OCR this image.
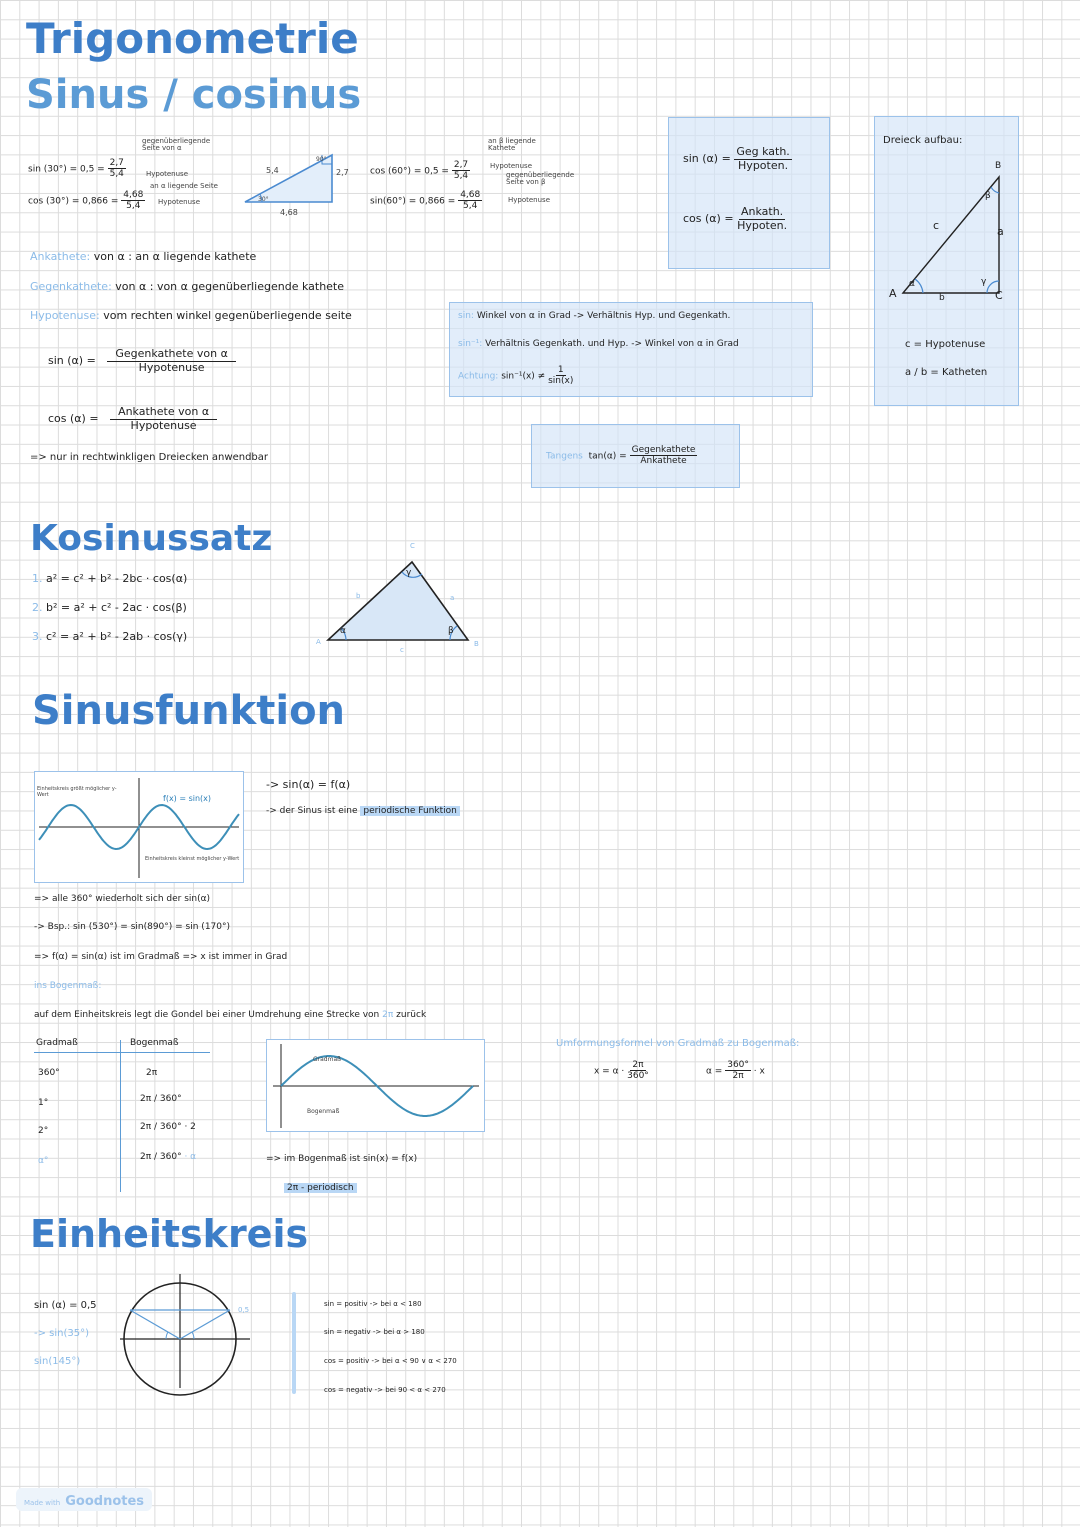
Trigonometrie
Sinus / cosinus
$\sin (30^\circ) = 0,5 = \frac{2,7}{5,4}$
gegenüberliegende Seite von α
Hypotenuse
$\cos (30^\circ) = 0,866 = \frac{4,68}{5,4}$
an α liegende Seite
Hypotenuse
5,4	2,7
4,68
30°
90°
$\cos (60^\circ) = 0,5 = \frac{2,7}{5,4}$
an β liegende Kathete
Hypotenuse
$\sin(60^\circ) = 0,866 = \frac{4,68}{5,4}$
gegenüberliegende Seite von β
Hypotenuse
$\sin (\alpha) = \frac{\text{Geg kath.}}{\text{Hypoten.}}$
$\cos (\alpha) = \frac{\text{Ankath.}}{\text{Hypoten.}}$
Dreieck aufbau:
A
B
C
c	a
b
α
β
γ
c = Hypotenuse
a / b = Katheten
Ankathete: von α : an α liegende kathete
Gegenkathete: von α : von α gegenüberliegende kathete
Hypotenuse: vom rechten winkel gegenüberliegende seite
$\sin (\alpha) = \frac{\text{Gegenkathete von α}}{\text{Hypotenuse}}$
$\cos (\alpha) = \frac{\text{Ankathete von α}}{\text{Hypotenuse}}$
=> nur in rechtwinkligen Dreiecken anwendbar
sin: Winkel von α in Grad -> Verhältnis Hyp. und Gegenkath.
sin⁻¹: Verhältnis Gegenkath. und Hyp. -> Winkel von α in Grad
Achtung: $\sin^{-1}(x) \ne \frac{1}{\sin(x)}$
Tangens $\tan(\alpha) = \frac{\text{Gegenkathete}}{\text{Ankathete}}$
Kosinussatz
1. a² = c² + b² - 2bc · cos(α)
2. b² = a² + c² - 2ac · cos(β)
3. c² = a² + b² - 2ab · cos(γ)	A	B
C
b	a
c
α	β
γ
Sinusfunktion
f(x) = sin(x)
Einheitskreis größt möglicher y-Wert
Einheitskreis kleinst möglicher y-Wert
-> sin(α) = f(α)
-> der Sinus ist eine periodische Funktion
=> alle 360° wiederholt sich der sin(α)
-> Bsp.: sin (530°) = sin(890°) = sin (170°)
=> f(α) = sin(α) ist im Gradmaß => x ist immer in Grad
ins Bogenmaß:
auf dem Einheitskreis legt die Gondel bei einer Umdrehung eine Strecke von 2π zurück
Gradmaß	Bogenmaß
360°	2π
1°	2π / 360°
2°	2π / 360° · 2
α°	2π / 360° · α
Gradmaß
Bogenmaß
=> im Bogenmaß ist sin(x) = f(x)
2π - periodisch
Umformungsformel von Gradmaß zu Bogenmaß:
$x = \alpha \cdot \frac{2\pi}{360^\circ}$	$\alpha = \frac{360^\circ}{2\pi} \cdot x$
Einheitskreis
sin (α) = 0,5
-> sin(35°)
sin(145°)
0,5
sin = positiv -> bei α < 180
sin = negativ -> bei α > 180
cos = positiv -> bei α < 90 ∨ α < 270
cos = negativ -> bei 90 < α < 270
Made with Goodnotes
